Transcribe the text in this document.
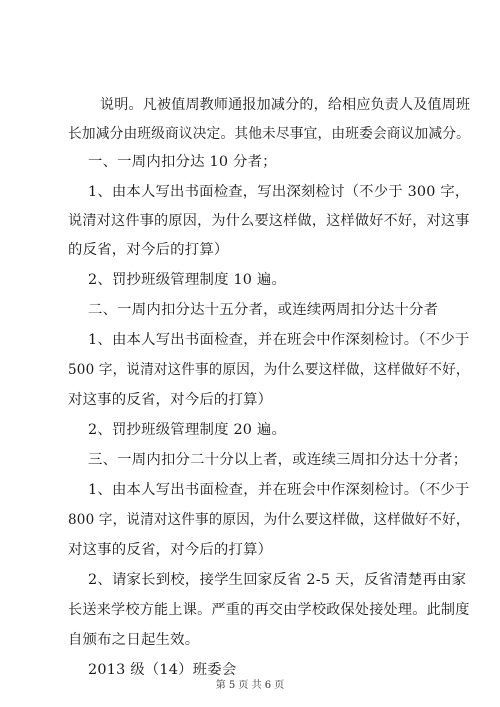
说明。凡被值周教师通报加减分的，给相应负责人及值周班
长加减分由班级商议决定。其他未尽事宜，由班委会商议加减分。
一、一周内扣分达 10 分者；
1、由本人写出书面检查，写出深刻检讨（不少于 300 字，
说清对这件事的原因，为什么要这样做，这样做好不好，对这事
的反省，对今后的打算）
2、罚抄班级管理制度 10 遍。
二、一周内扣分达十五分者，或连续两周扣分达十分者
1、由本人写出书面检查，并在班会中作深刻检讨。（不少于
500 字，说清对这件事的原因，为什么要这样做，这样做好不好，
对这事的反省，对今后的打算）
2、罚抄班级管理制度 20 遍。
三、一周内扣分二十分以上者，或连续三周扣分达十分者；
1、由本人写出书面检查，并在班会中作深刻检讨。（不少于
800 字，说清对这件事的原因，为什么要这样做，这样做好不好，
对这事的反省，对今后的打算）
2、请家长到校，接学生回家反省 2-5 天，反省清楚再由家
长送来学校方能上课。严重的再交由学校政保处接处理。此制度
自颁布之日起生效。
2013 级（14）班委会
第 5 页 共 6 页
